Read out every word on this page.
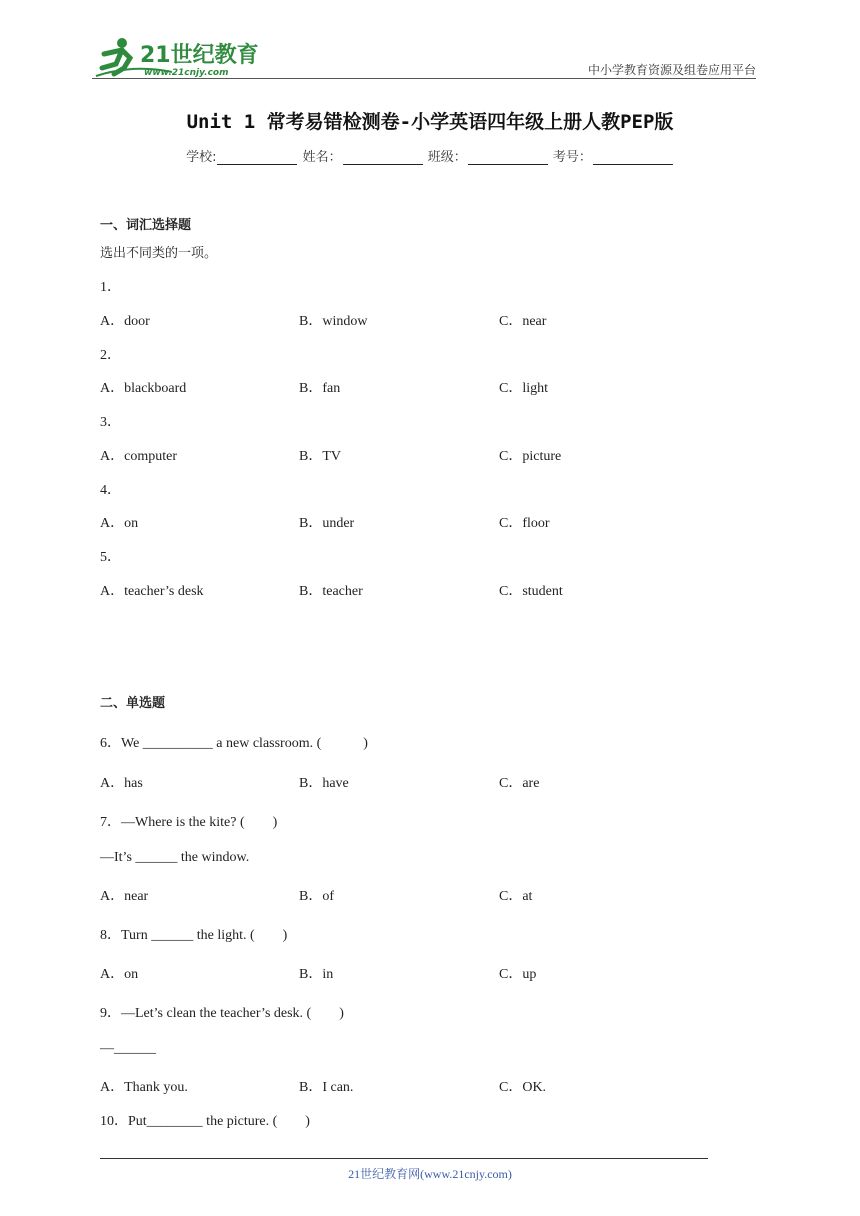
21世纪教育
www.21cnjy.com	中小学教育资源及组卷应用平台
Unit 1 常考易错检测卷-小学英语四年级上册人教PEP版
学校:	姓名：	班级：	考号：
一、词汇选择题
选出不同类的一项。
1．
A．door	B．window	C．near
2．
A．blackboard	B．fan	C．light
3．
A．computer	B．TV	C．picture
4．
A．on	B．under	C．floor
5．
A．teacher’s desk	B．teacher	C．student
二、单选题
6．We __________ a new classroom. (　　　)
A．has	B．have	C．are
7．—Where is the kite? (　　)
—It’s ______ the window.
A．near	B．of	C．at
8．Turn ______ the light. (　　)
A．on	B．in	C．up
9．—Let’s clean the teacher’s desk. (　　)
—______
A．Thank you.	B．I can.	C．OK.
10．Put________ the picture. (　　)
21世纪教育网(www.21cnjy.com)
